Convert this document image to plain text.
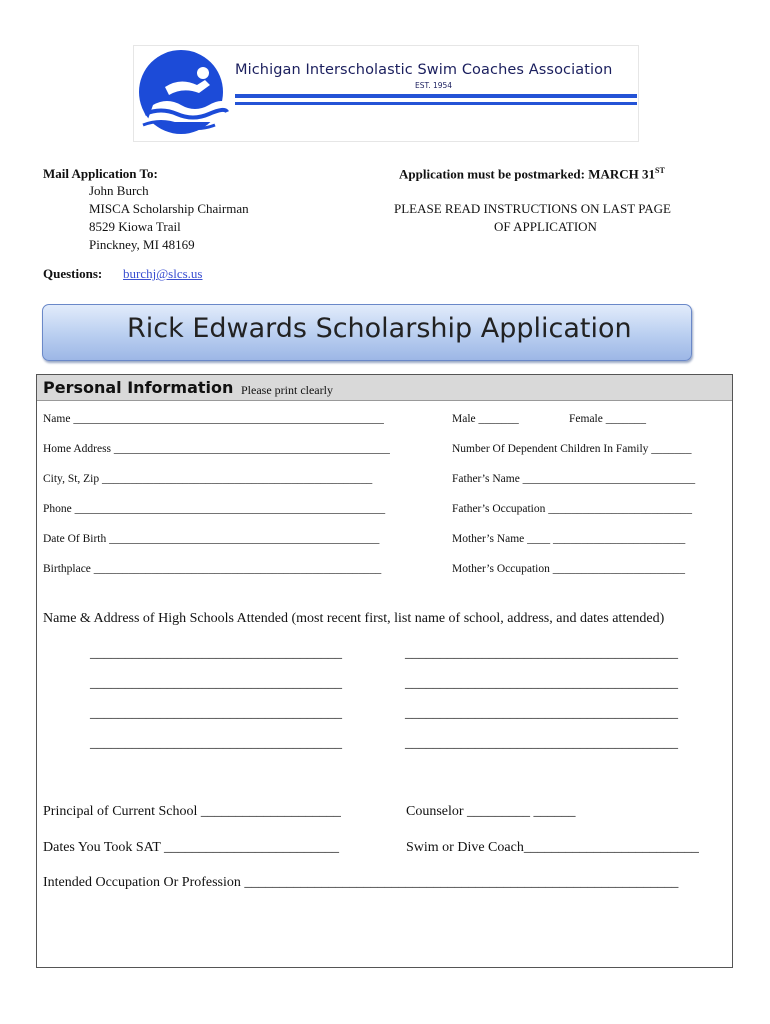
Michigan Interscholastic Swim Coaches Association
EST. 1954
Mail Application To:
John Burch
MISCA Scholarship Chairman
8529 Kiowa Trail
Pinckney, MI 48169
Application must be postmarked: MARCH 31ST
PLEASE READ INSTRUCTIONS ON LAST PAGE
OF APPLICATION
Questions: burchj@slcs.us
Rick Edwards Scholarship Application
Personal Information Please print clearly
Name ______________________________________________________
Home Address ________________________________________________
City, St, Zip _______________________________________________
Phone ______________________________________________________
Date Of Birth _______________________________________________
Birthplace __________________________________________________
Male _______	Female _______
Number Of Dependent Children In Family _______
Father’s Name ______________________________
Father’s Occupation _________________________
Mother’s Name ____ _______________________
Mother’s Occupation _______________________
Name & Address of High Schools Attended (most recent first, list name of school, address, and dates attended)
____________________________________
____________________________________
____________________________________
____________________________________
_______________________________________
_______________________________________
_______________________________________
_______________________________________
Principal of Current School ____________________	Counselor _________ ______
Dates You Took SAT _________________________	Swim or Dive Coach_________________________
Intended Occupation Or Profession ______________________________________________________________
